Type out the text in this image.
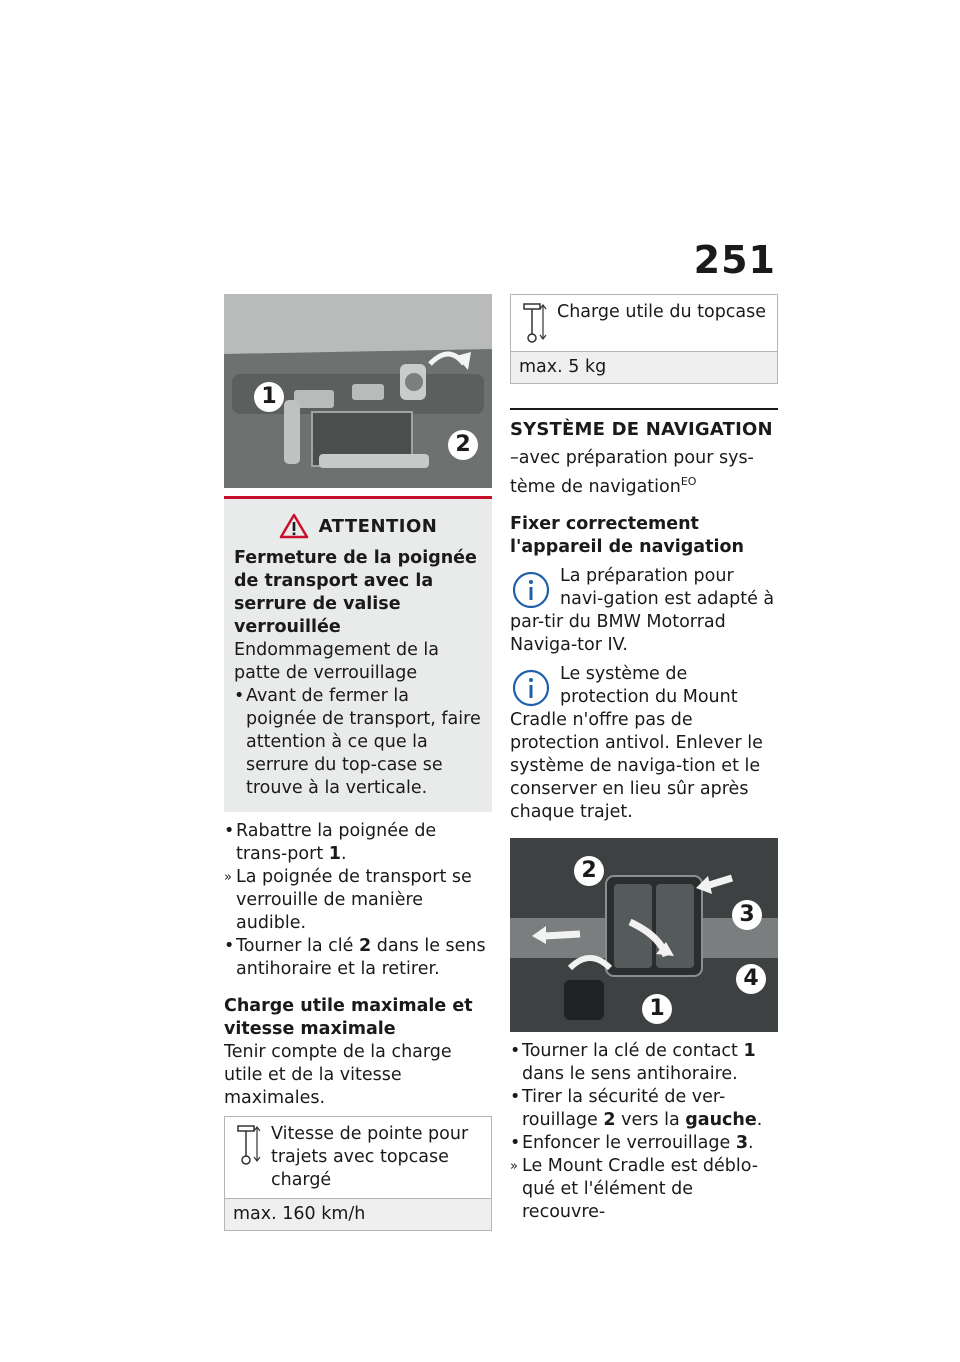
251
1
2
ATTENTION
Fermeture de la poignée de transport avec la serrure de valise verrouillée
Endommagement de la patte de verrouillage
• Avant de fermer la poignée de transport, faire attention à ce que la serrure du top-case se trouve à la verticale.
• Rabattre la poignée de trans-port 1.
» La poignée de transport se verrouille de manière audible.
• Tourner la clé 2 dans le sens antihoraire et la retirer.
Charge utile maximale et vitesse maximale
Tenir compte de la charge utile et de la vitesse maximales.
Vitesse de pointe pour trajets avec topcase chargé
max. 160 km/h
Charge utile du topcase
max. 5 kg
SYSTÈME DE NAVIGATION
–avec préparation pour sys-tème de navigation$^{EO}$
Fixer correctement l'appareil de navigation
La préparation pour navi-gation est adapté à par-tir du BMW Motorrad Naviga-tor IV.
Le système de protection du Mount Cradle n'offre pas de protection antivol. Enlever le système de naviga-tion et le conserver en lieu sûr après chaque trajet.
1
2
3
4
• Tourner la clé de contact 1 dans le sens antihoraire.
• Tirer la sécurité de ver-rouillage 2 vers la gauche.
• Enfoncer le verrouillage 3.
» Le Mount Cradle est déblo-qué et l'élément de recouvre-
